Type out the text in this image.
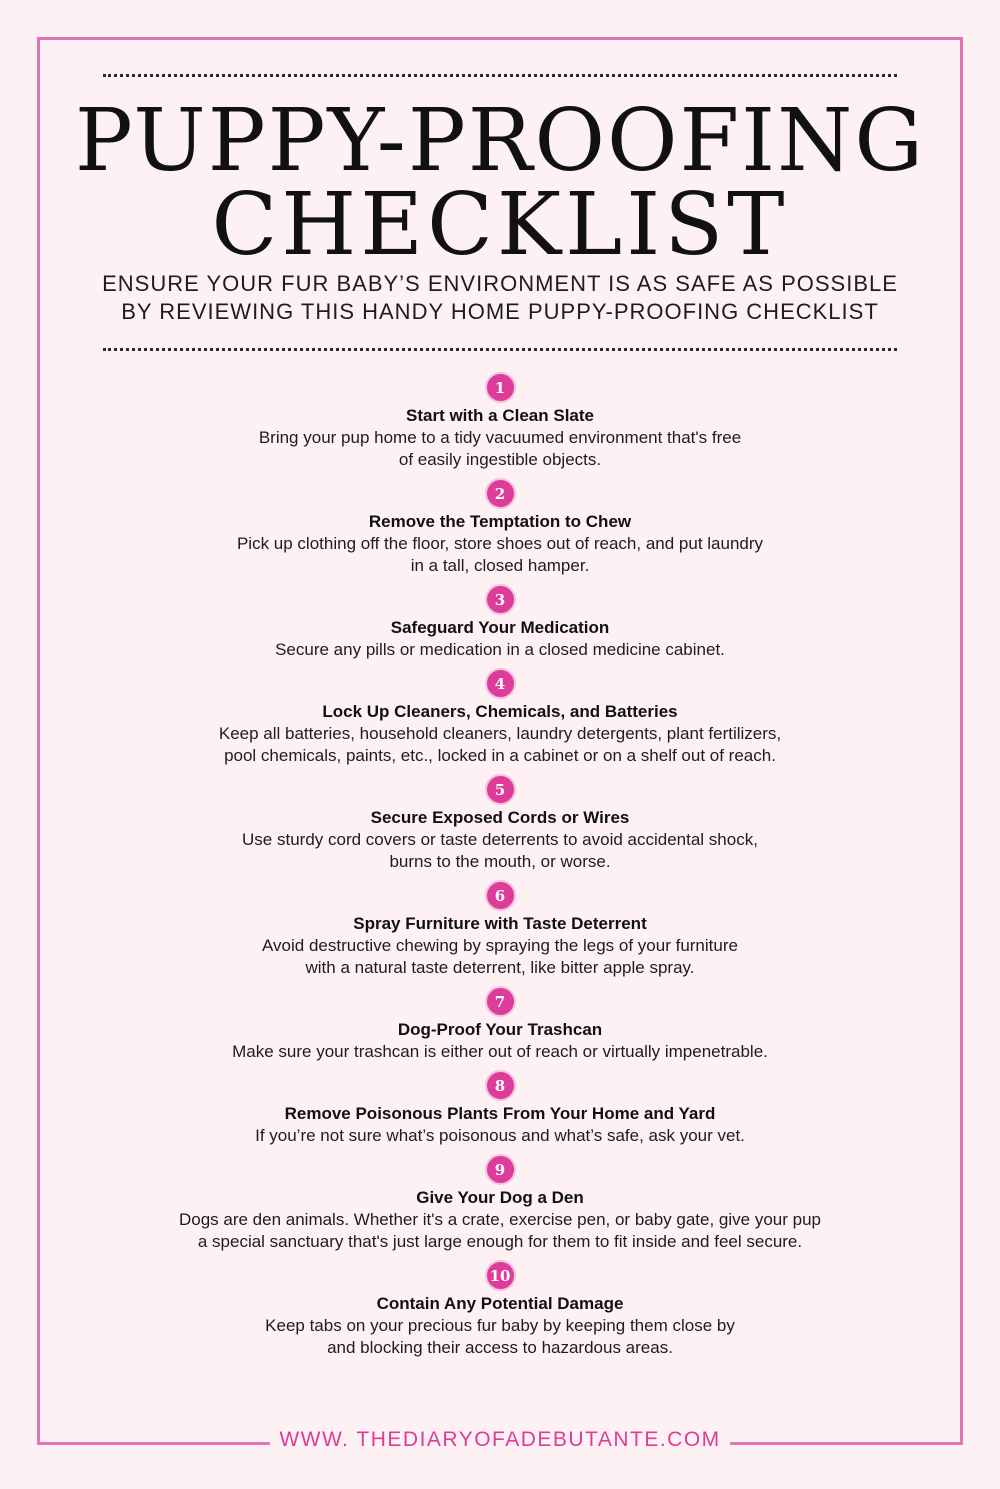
PUPPY-PROOFING
CHECKLIST

ENSURE YOUR FUR BABY’S ENVIRONMENT IS AS SAFE AS POSSIBLE
BY REVIEWING THIS HANDY HOME PUPPY-PROOFING CHECKLIST

1

Start with a Clean Slate

Bring your pup home to a tidy vacuumed environment that's free
of easily ingestible objects.

2

Remove the Temptation to Chew

Pick up clothing off the floor, store shoes out of reach, and put laundry
in a tall, closed hamper.

3

Safeguard Your Medication

Secure any pills or medication in a closed medicine cabinet.

4

Lock Up Cleaners, Chemicals, and Batteries

Keep all batteries, household cleaners, laundry detergents, plant fertilizers,
pool chemicals, paints, etc., locked in a cabinet or on a shelf out of reach.

5

Secure Exposed Cords or Wires

Use sturdy cord covers or taste deterrents to avoid accidental shock,
burns to the mouth, or worse.

6

Spray Furniture with Taste Deterrent

Avoid destructive chewing by spraying the legs of your furniture
with a natural taste deterrent, like bitter apple spray.

7

Dog-Proof Your Trashcan

Make sure your trashcan is either out of reach or virtually impenetrable.

8

Remove Poisonous Plants From Your Home and Yard

If you’re not sure what’s poisonous and what’s safe, ask your vet.

9

Give Your Dog a Den

Dogs are den animals. Whether it's a crate, exercise pen, or baby gate, give your pup
a special sanctuary that's just large enough for them to fit inside and feel secure.

10

Contain Any Potential Damage

Keep tabs on your precious fur baby by keeping them close by
and blocking their access to hazardous areas.

WWW. THEDIARYOFADEBUTANTE.COM
